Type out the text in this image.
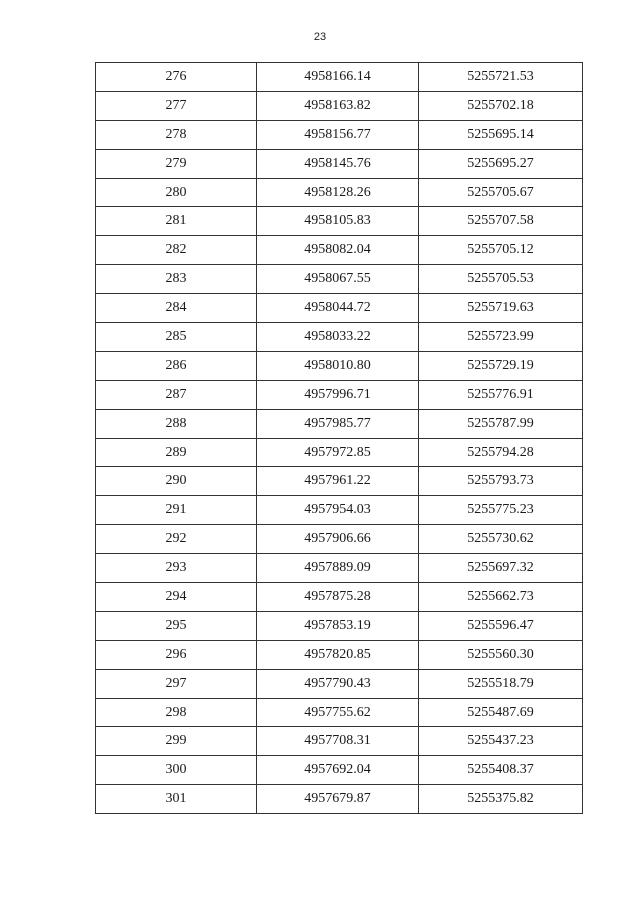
23
276	4958166.14	5255721.53
277	4958163.82	5255702.18
278	4958156.77	5255695.14
279	4958145.76	5255695.27
280	4958128.26	5255705.67
281	4958105.83	5255707.58
282	4958082.04	5255705.12
283	4958067.55	5255705.53
284	4958044.72	5255719.63
285	4958033.22	5255723.99
286	4958010.80	5255729.19
287	4957996.71	5255776.91
288	4957985.77	5255787.99
289	4957972.85	5255794.28
290	4957961.22	5255793.73
291	4957954.03	5255775.23
292	4957906.66	5255730.62
293	4957889.09	5255697.32
294	4957875.28	5255662.73
295	4957853.19	5255596.47
296	4957820.85	5255560.30
297	4957790.43	5255518.79
298	4957755.62	5255487.69
299	4957708.31	5255437.23
300	4957692.04	5255408.37
301	4957679.87	5255375.82
